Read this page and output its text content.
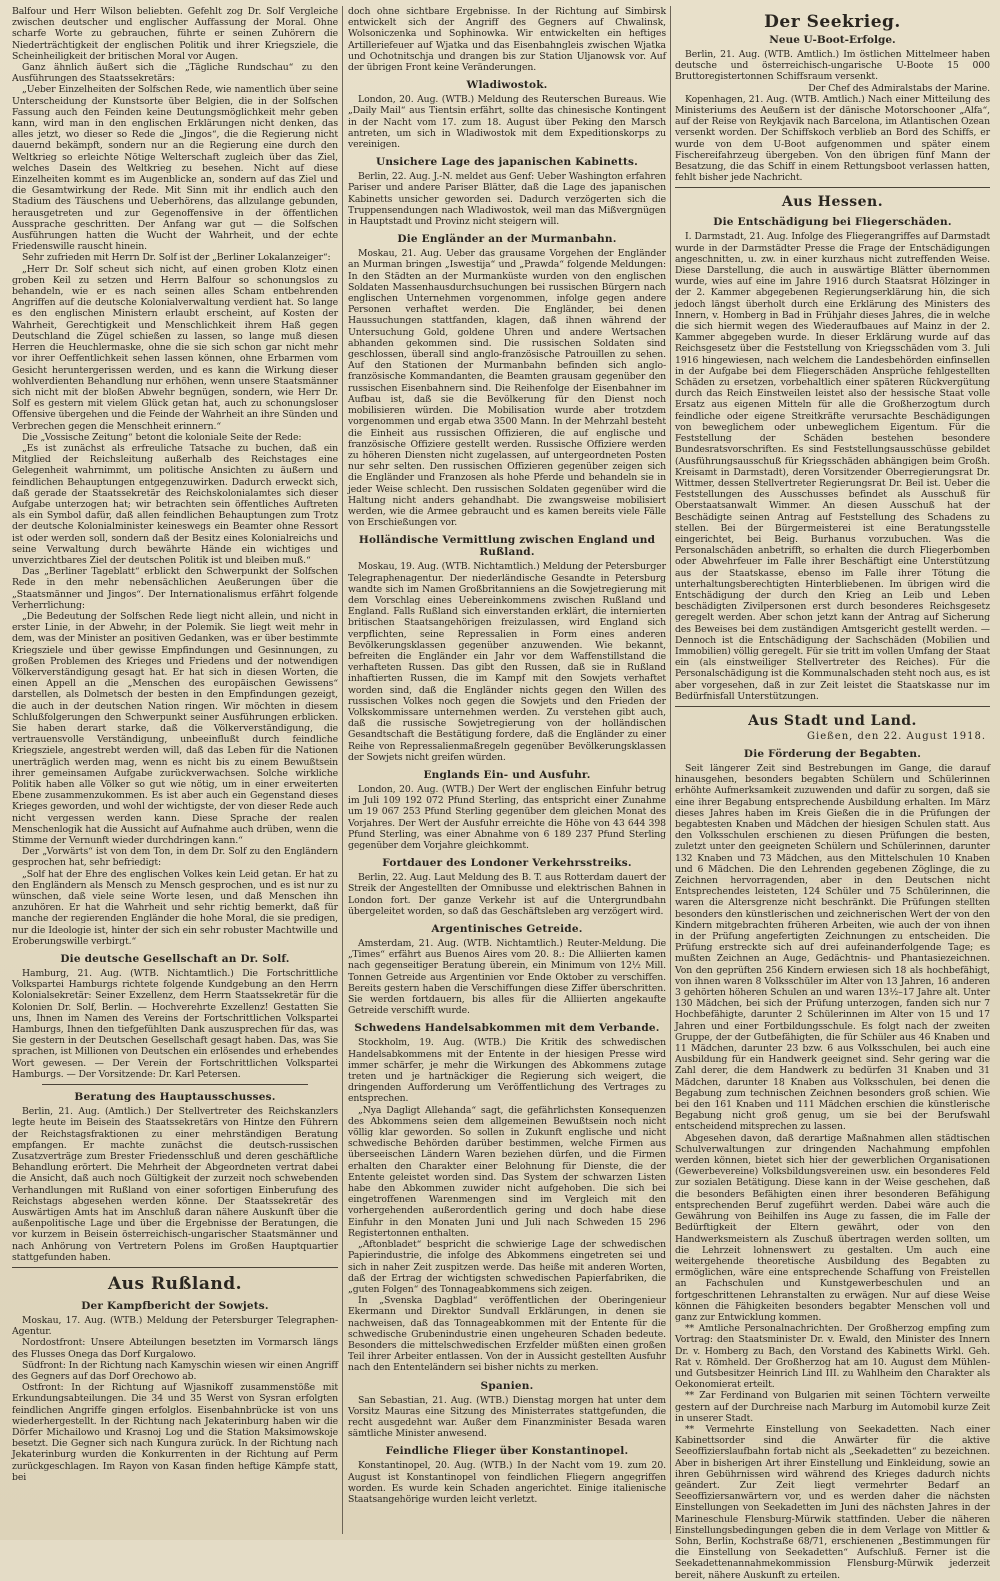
Balfour und Herr Wilson beliebten. Gefehlt zog Dr. Solf Vergleiche zwischen deutscher und englischer Auffassung der Moral. Ohne scharfe Worte zu gebrauchen, führte er seinen Zuhörern die Niederträchtigkeit der englischen Politik und ihrer Kriegsziele, die Scheinheiligkeit der britischen Moral vor Augen.

Ganz ähnlich äußert sich die „Tägliche Rundschau“ zu den Ausführungen des Staatssekretärs:

„Ueber Einzelheiten der Solfschen Rede, wie namentlich über seine Unterscheidung der Kunstsorte über Belgien, die in der Solfschen Fassung auch den Feinden keine Deutungsmöglichkeit mehr geben kann, wird man in den englischen Erklärungen nicht denken, das alles jetzt, wo dieser so Rede die „Jingos“, die die Regierung nicht dauernd bekämpft, sondern nur an die Regierung eine durch den Weltkrieg so erleichte Nötige Welterschaft zugleich über das Ziel, welches Dasein des Weltkrieg zu besehen. Nicht auf diese Einzelheiten kommt es im Augenblicke an, sondern auf das Ziel und die Gesamtwirkung der Rede. Mit Sinn mit ihr endlich auch den Stadium des Täuschens und Ueberhörens, das allzulange gebunden, herausgetreten und zur Gegenoffensive in der öffentlichen Aussprache geschritten. Der Anfang war gut — die Solfschen Ausführungen hatten die Wucht der Wahrheit, und der echte Friedenswille rauscht hinein.

Sehr zufrieden mit Herrn Dr. Solf ist der „Berliner Lokalanzeiger“:

„Herr Dr. Solf scheut sich nicht, auf einen groben Klotz einen groben Keil zu setzen und Herrn Balfour so schonungslos zu behandeln, wie er es nach seinen alles Scham entbehrenden Angriffen auf die deutsche Kolonialverwaltung verdient hat. So lange es den englischen Ministern erlaubt erscheint, auf Kosten der Wahrheit, Gerechtigkeit und Menschlichkeit ihrem Haß gegen Deutschland die Zügel schießen zu lassen, so lange muß diesen Herren die Heuchlermaske, ohne die sie sich schon gar nicht mehr vor ihrer Oeffentlichkeit sehen lassen können, ohne Erbarmen vom Gesicht heruntergerissen werden, und es kann die Wirkung dieser wohlverdienten Behandlung nur erhöhen, wenn unsere Staatsmänner sich nicht mit der bloßen Abwehr begnügen, sondern, wie Herr Dr. Solf es gestern mit vielem Glück getan hat, auch zu schonungsloser Offensive übergehen und die Feinde der Wahrheit an ihre Sünden und Verbrechen gegen die Menschheit erinnern.“

Die „Vossische Zeitung“ betont die koloniale Seite der Rede:

„Es ist zunächst als erfreuliche Tatsache zu buchen, daß ein Mitglied der Reichsleitung außerhalb des Reichstages eine Gelegenheit wahrnimmt, um politische Ansichten zu äußern und feindlichen Behauptungen entgegenzuwirken. Dadurch erweckt sich, daß gerade der Staatssekretär des Reichskolonialamtes sich dieser Aufgabe unterzogen hat; wir betrachten sein öffentliches Auftreten als ein Symbol dafür, daß allen feindlichen Behauptungen zum Trotz der deutsche Kolonialminister keineswegs ein Beamter ohne Ressort ist oder werden soll, sondern daß der Besitz eines Kolonialreichs und seine Verwaltung durch bewährte Hände ein wichtiges und unverzichtbares Ziel der deutschen Politik ist und bleiben muß.“

Das „Berliner Tageblatt“ erblickt den Schwerpunkt der Solfschen Rede in den mehr nebensächlichen Aeußerungen über die „Staatsmänner und Jingos“. Der Internationalismus erfährt folgende Verherrlichung:

„Die Bedeutung der Solfschen Rede liegt nicht allein, und nicht in erster Linie, in der Abwehr, in der Polemik. Sie liegt weit mehr in dem, was der Minister an positiven Gedanken, was er über bestimmte Kriegsziele und über gewisse Empfindungen und Gesinnungen, zu großen Problemen des Krieges und Friedens und der notwendigen Völkerverständigung gesagt hat. Er hat sich in diesen Worten, die einen Appell an die „Menschen des europäischen Gewissens“ darstellen, als Dolmetsch der besten in den Empfindungen gezeigt, die auch in der deutschen Nation ringen. Wir möchten in diesem Schlußfolgerungen den Schwerpunkt seiner Ausführungen erblicken. Sie haben derart starke, daß die Völkerverständigung, die vertrauensvolle Verständigung, unbeeinflußt durch feindliche Kriegsziele, angestrebt werden will, daß das Leben für die Nationen unerträglich werden mag, wenn es nicht bis zu einem Bewußtsein ihrer gemeinsamen Aufgabe zurückverwachsen. Solche wirkliche Politik haben alle Völker so gut wie nötig, um in einer erweiterten Ebene zusammenzukommen. Es ist aber auch ein Gegenstand dieses Krieges geworden, und wohl der wichtigste, der von dieser Rede auch nicht vergessen werden kann. Diese Sprache der realen Menschenlogik hat die Aussicht auf Aufnahme auch drüben, wenn die Stimme der Vernunft wieder durchdringen kann.“

Der „Vorwärts“ ist von dem Ton, in dem Dr. Solf zu den Engländern gesprochen hat, sehr befriedigt:

„Solf hat der Ehre des englischen Volkes kein Leid getan. Er hat zu den Engländern als Mensch zu Mensch gesprochen, und es ist nur zu wünschen, daß viele seine Worte lesen, und daß Menschen ihn anzuhören. Er hat die Wahrheit und sehr richtig bemerkt, daß für manche der regierenden Engländer die hohe Moral, die sie predigen, nur die Ideologie ist, hinter der sich ein sehr robuster Machtwille und Eroberungswille verbirgt.“

Die deutsche Gesellschaft an Dr. Solf.

Hamburg, 21. Aug. (WTB. Nichtamtlich.) Die Fortschrittliche Volkspartei Hamburgs richtete folgende Kundgebung an den Herrn Kolonialsekretär: Seiner Exzellenz, dem Herrn Staatssekretär für die Kolonien Dr. Solf, Berlin. — Hochverehrte Exzellenz! Gestatten Sie uns, Ihnen im Namen des Vereins der Fortschrittlichen Volkspartei Hamburgs, Ihnen den tiefgefühlten Dank auszusprechen für das, was Sie gestern in der Deutschen Gesellschaft gesagt haben. Das, was Sie sprachen, ist Millionen von Deutschen ein erlösendes und erhebendes Wort gewesen. — Der Verein der Fortschrittlichen Volkspartei Hamburgs. — Der Vorsitzende: Dr. Karl Petersen.

Beratung des Hauptausschusses.

Berlin, 21. Aug. (Amtlich.) Der Stellvertreter des Reichskanzlers legte heute im Beisein des Staatssekretärs von Hintze den Führern der Reichstagsfraktionen zu einer mehrständigen Beratung empfangen. Er machte zunächst die deutsch-russischen Zusatzverträge zum Brester Friedensschluß und deren geschäftliche Behandlung erörtert. Die Mehrheit der Abgeordneten vertrat dabei die Ansicht, daß auch noch Gültigkeit der zurzeit noch schwebenden Verhandlungen mit Rußland von einer sofortigen Einberufung des Reichstags abgesehen werden könne. Der Staatssekretär des Auswärtigen Amts hat im Anschluß daran nähere Auskunft über die außenpolitische Lage und über die Ergebnisse der Beratungen, die vor kurzem in Beisein österreichisch-ungarischer Staatsmänner und nach Anhörung von Vertretern Polens im Großen Hauptquartier stattgefunden haben.

Aus Rußland.
Der Kampfbericht der Sowjets.

Moskau, 17. Aug. (WTB.) Meldung der Petersburger Telegraphen-Agentur.

Nordostfront: Unsere Abteilungen besetzten im Vormarsch längs des Flusses Onega das Dorf Kurgalowo.

Südfront: In der Richtung nach Kamyschin wiesen wir einen Angriff des Gegners auf das Dorf Orechowo ab.

Ostfront: In der Richtung auf Wjasnikoff zusammenstöße mit Erkundungsabteilungen. Die 34 und 35 Werst von Sysran erfolgten feindlichen Angriffe gingen erfolglos. Eisenbahnbrücke ist von uns wiederhergestellt. In der Richtung nach Jekaterinburg haben wir die Dörfer Michailowo und Krasnoj Log und die Station Maksimowskoje besetzt. Die Gegner sich nach Kungura zurück. In der Richtung nach Jekaterinburg wurden die Konkurrenten in der Richtung auf Perm zurückgeschlagen. Im Rayon von Kasan finden heftige Kämpfe statt, bei

doch ohne sichtbare Ergebnisse. In der Richtung auf Simbirsk entwickelt sich der Angriff des Gegners auf Chwalinsk, Wolsoniczenka und Sophinowka. Wir entwickelten ein heftiges Artilleriefeuer auf Wjatka und das Eisenbahngleis zwischen Wjatka und Ochotnitschja und drangen bis zur Station Uljanowsk vor. Auf der übrigen Front keine Veränderungen.

Wladiwostok.

London, 20. Aug. (WTB.) Meldung des Reuterschen Bureaus. Wie „Daily Mail“ aus Tientsin erfährt, sollte das chinesische Kontingent in der Nacht vom 17. zum 18. August über Peking den Marsch antreten, um sich in Wladiwostok mit dem Expeditionskorps zu vereinigen.

Unsichere Lage des japanischen Kabinetts.

Berlin, 22. Aug. J.-N. meldet aus Genf: Ueber Washington erfahren Pariser und andere Pariser Blätter, daß die Lage des japanischen Kabinetts unsicher geworden sei. Dadurch verzögerten sich die Truppensendungen nach Wladiwostok, weil man das Mißvergnügen in Hauptstadt und Provinz nicht steigern will.

Die Engländer an der Murmanbahn.

Moskau, 21. Aug. Ueber das grausame Vorgehen der Engländer an Murman bringen „Iswestija“ und „Prawda“ folgende Meldungen: In den Städten an der Murmanküste wurden von den englischen Soldaten Massenhausdurchsuchungen bei russischen Bürgern nach englischen Unternehmen vorgenommen, infolge gegen andere Personen verhaftet werden. Die Engländer, bei denen Haussuchungen stattfanden, klagen, daß ihnen während der Untersuchung Gold, goldene Uhren und andere Wertsachen abhanden gekommen sind. Die russischen Soldaten sind geschlossen, überall sind anglo-französische Patrouillen zu sehen. Auf den Stationen der Murmanbahn befinden sich anglo-französische Kommandanten, die Beamten grausam gegenüber den russischen Eisenbahnern sind. Die Reihenfolge der Eisenbahner im Aufbau ist, daß sie die Bevölkerung für den Dienst noch mobilisieren würden. Die Mobilisation wurde aber trotzdem vorgenommen und ergab etwa 3500 Mann. In der Mehrzahl besteht die Einheit aus russischen Offizieren, die auf englische und französische Offiziere gestellt werden. Russische Offiziere werden zu höheren Diensten nicht zugelassen, auf untergeordneten Posten nur sehr selten. Den russischen Offizieren gegenüber zeigen sich die Engländer und Franzosen als hohe Pferde und behandeln sie in jeder Weise schlecht. Den russischen Soldaten gegenüber wird die Haltung nicht anders gehandhabt. Die zwangsweise mobilisiert werden, wie die Armee gebraucht und es kamen bereits viele Fälle von Erschießungen vor.

Holländische Vermittlung zwischen England und Rußland.

Moskau, 19. Aug. (WTB. Nichtamtlich.) Meldung der Petersburger Telegraphenagentur. Der niederländische Gesandte in Petersburg wandte sich im Namen Großbritanniens an die Sowjetregierung mit dem Vorschlag eines Uebereinkommens zwischen Rußland und England. Falls Rußland sich einverstanden erklärt, die internierten britischen Staatsangehörigen freizulassen, wird England sich verpflichten, seine Repressalien in Form eines anderen Bevölkerungsklassen gegenüber anzuwenden. Wie bekannt, befreiten die Engländer ein Jahr vor dem Waffenstillstand die verhafteten Russen. Das gibt den Russen, daß sie in Rußland inhaftierten Russen, die im Kampf mit den Sowjets verhaftet worden sind, daß die Engländer nichts gegen den Willen des russischen Volkes noch gegen die Sowjets und den Frieden der Volkskommissare unternehmen werden. Zu verstehen gibt auch, daß die russische Sowjetregierung von der holländischen Gesandtschaft die Bestätigung fordere, daß die Engländer zu einer Reihe von Repressalienmaßregeln gegenüber Bevölkerungsklassen der Sowjets nicht greifen würden.

Englands Ein- und Ausfuhr.

London, 20. Aug. (WTB.) Der Wert der englischen Einfuhr betrug im Juli 109 192 072 Pfund Sterling, das entspricht einer Zunahme um 19 067 253 Pfund Sterling gegenüber dem gleichen Monat des Vorjahres. Der Wert der Ausfuhr erreichte die Höhe von 43 644 398 Pfund Sterling, was einer Abnahme von 6 189 237 Pfund Sterling gegenüber dem Vorjahre gleichkommt.

Fortdauer des Londoner Verkehrsstreiks.

Berlin, 22. Aug. Laut Meldung des B. T. aus Rotterdam dauert der Streik der Angestellten der Omnibusse und elektrischen Bahnen in London fort. Der ganze Verkehr ist auf die Untergrundbahn übergeleitet worden, so daß das Geschäftsleben arg verzögert wird.

Argentinisches Getreide.

Amsterdam, 21. Aug. (WTB. Nichtamtlich.) Reuter-Meldung. Die „Times“ erfährt aus Buenos Aires vom 20. 8.: Die Alliierten kamen nach gegenseitiger Beratung überein, ein Minimum von 12½ Mill. Tonnen Getreide aus Argentinien vor Ende Oktober zu verschiffen. Bereits gestern haben die Verschiffungen diese Ziffer überschritten. Sie werden fortdauern, bis alles für die Alliierten angekaufte Getreide verschifft wurde.

Schwedens Handelsabkommen mit dem Verbande.

Stockholm, 19. Aug. (WTB.) Die Kritik des schwedischen Handelsabkommens mit der Entente in der hiesigen Presse wird immer schärfer, je mehr die Wirkungen des Abkommens zutage treten und je hartnäckiger die Regierung sich weigert, die dringenden Aufforderung um Veröffentlichung des Vertrages zu entsprechen.

„Nya Dagligt Allehanda“ sagt, die gefährlichsten Konsequenzen des Abkommens seien dem allgemeinen Bewußtsein noch nicht völlig klar geworden. So sollen in Zukunft englische und nicht schwedische Behörden darüber bestimmen, welche Firmen aus überseeischen Ländern Waren beziehen dürfen, und die Firmen erhalten den Charakter einer Belohnung für Dienste, die der Entente geleistet worden sind. Das System der schwarzen Listen habe den Abkommen zuwider nicht aufgehoben. Die sich bei eingetroffenen Warenmengen sind im Vergleich mit den vorhergehenden außerordentlich gering und doch habe diese Einfuhr in den Monaten Juni und Juli nach Schweden 15 296 Registertonnen enthalten.

„Aftonbladet“ bespricht die schwierige Lage der schwedischen Papierindustrie, die infolge des Abkommens eingetreten sei und sich in naher Zeit zuspitzen werde. Das heiße mit anderen Worten, daß der Ertrag der wichtigsten schwedischen Papierfabriken, die „guten Folgen“ des Tonnageabkommens sich zeigen.

In „Svenska Dagblad“ veröffentlichen der Oberingenieur Ekermann und Direktor Sundvall Erklärungen, in denen sie nachweisen, daß das Tonnageabkommen mit der Entente für die schwedische Grubenindustrie einen ungeheuren Schaden bedeute. Besonders die mittelschwedischen Erzfelder müßten einen großen Teil ihrer Arbeiter entlassen. Von der in Aussicht gestellten Ausfuhr nach den Ententeländern sei bisher nichts zu merken.

Spanien.

San Sebastian, 21. Aug. (WTB.) Dienstag morgen hat unter dem Vorsitz Mauras eine Sitzung des Ministerrates stattgefunden, die recht ausgedehnt war. Außer dem Finanzminister Besada waren sämtliche Minister anwesend.

Feindliche Flieger über Konstantinopel.

Konstantinopel, 20. Aug. (WTB.) In der Nacht vom 19. zum 20. August ist Konstantinopel von feindlichen Fliegern angegriffen worden. Es wurde kein Schaden angerichtet. Einige italienische Staatsangehörige wurden leicht verletzt.

Der Seekrieg.
Neue U-Boot-Erfolge.

Berlin, 21. Aug. (WTB. Amtlich.) Im östlichen Mittelmeer haben deutsche und österreichisch-ungarische U-Boote 15 000 Bruttoregistertonnen Schiffsraum versenkt.

Der Chef des Admiralstabs der Marine.

Kopenhagen, 21. Aug. (WTB. Amtlich.) Nach einer Mitteilung des Ministeriums des Aeußern ist der dänische Motorschooner „Alfa“, auf der Reise von Reykjavik nach Barcelona, im Atlantischen Ozean versenkt worden. Der Schiffskoch verblieb an Bord des Schiffs, er wurde von dem U-Boot aufgenommen und später einem Fischereifahrzeug übergeben. Von den übrigen fünf Mann der Besatzung, die das Schiff in einem Rettungsboot verlassen hatten, fehlt bisher jede Nachricht.

Aus Hessen.
Die Entschädigung bei Fliegerschäden.

I. Darmstadt, 21. Aug. Infolge des Fliegerangriffes auf Darmstadt wurde in der Darmstädter Presse die Frage der Entschädigungen angeschnitten, u. zw. in einer kurzhaus nicht zutreffenden Weise. Diese Darstellung, die auch in auswärtige Blätter übernommen wurde, wies auf eine im Jahre 1916 durch Staatsrat Hölzinger in der 2. Kammer abgegebenen Regierungserklärung hin, die sich jedoch längst überholt durch eine Erklärung des Ministers des Innern, v. Homberg in Bad in Frühjahr dieses Jahres, die in welche die sich hiermit wegen des Wiederaufbaues auf Mainz in der 2. Kammer abgegeben wurde. In dieser Erklärung wurde auf das Reichsgesetz über die Feststellung von Kriegsschäden vom 3. Juli 1916 hingewiesen, nach welchem die Landesbehörden einfinsellen in der Aufgabe bei dem Fliegerschäden Ansprüche fehlgestellten Schäden zu ersetzen, vorbehaltlich einer späteren Rückvergütung durch das Reich Einstweilen leistet also der hessische Staat volle Ersatz aus eigenen Mitteln für alle die Großherzogtum durch feindliche oder eigene Streitkräfte verursachte Beschädigungen von beweglichem oder unbeweglichem Eigentum. Für die Feststellung der Schäden bestehen besondere Bundesratsvorschriften. Es sind Feststellungsausschüsse gebildet (Ausführungsausschuß für Kriegsschäden abhängigen beim Großh. Kreisamt in Darmstadt), deren Vorsitzender Oberregierungsrat Dr. Wittmer, dessen Stellvertreter Regierungsrat Dr. Beil ist. Ueber die Feststellungen des Ausschusses befindet als Ausschuß für Oberstaatsanwalt Wimmer. An diesen Ausschuß hat der Beschädigte seinen Antrag auf Feststellung des Schadens zu stellen. Bei der Bürgermeisterei ist eine Beratungsstelle eingerichtet, bei Beig. Burhanus vorzubuchen. Was die Personalschäden anbetrifft, so erhalten die durch Fliegerbomben oder Abwehrfeuer im Falle ihrer Beschäftigt eine Unterstützung aus der Staatskasse, ebenso im Falle ihrer Tötung die unterhaltungsberechtigten Hinterbliebenen. Im übrigen wird die Entschädigung der durch den Krieg an Leib und Leben beschädigten Zivilpersonen erst durch besonderes Reichsgesetz geregelt werden. Aber schon jetzt kann der Antrag auf Sicherung des Beweises bei dem zuständigen Amtsgericht gestellt werden. — Dennoch ist die Entschädigung der Sachschäden (Mobilien und Immobilien) völlig geregelt. Für sie tritt im vollen Umfang der Staat ein (als einstweiliger Stellvertreter des Reiches). Für die Personalschädigung ist die Kommunalschaden steht noch aus, es ist aber vorgesehen, daß in zur Zeit leistet die Staatskasse nur im Bedürfnisfall Unterstützungen.

Aus Stadt und Land.
Gießen, den 22. August 1918.
Die Förderung der Begabten.

Seit längerer Zeit sind Bestrebungen im Gange, die darauf hinausgehen, besonders begabten Schülern und Schülerinnen erhöhte Aufmerksamkeit zuzuwenden und dafür zu sorgen, daß sie eine ihrer Begabung entsprechende Ausbildung erhalten. Im März dieses Jahres haben im Kreis Gießen die in die Prüfungen der begabtesten Knaben und Mädchen der hiesigen Schulen statt. Aus den Volksschulen erschienen zu diesen Prüfungen die besten, zuletzt unter den geeigneten Schülern und Schülerinnen, darunter 132 Knaben und 73 Mädchen, aus den Mittelschulen 10 Knaben und 6 Mädchen. Die den Lehrenden gegebenen Zöglinge, die zu Zeichnen hervorragenden, aber in den Deutschen nicht Entsprechendes leisteten, 124 Schüler und 75 Schülerinnen, die waren die Altersgrenze nicht beschränkt. Die Prüfungen stellten besonders den künstlerischen und zeichnerischen Wert der von den Kindern mitgebrachten früheren Arbeiten, wie auch der von ihnen in der Prüfung angefertigten Zeichnungen zu entscheiden. Die Prüfung erstreckte sich auf drei aufeinanderfolgende Tage; es mußten Zeichnen an Auge, Gedächtnis- und Phantasiezeichnen. Von den geprüften 256 Kindern erwiesen sich 18 als hochbefähigt, von ihnen waren 8 Volksschüler im Alter von 13 Jahren, 16 anderen 3 gehörten höheren Schulen an und waren 13½–17 Jahre alt. Unter 130 Mädchen, bei sich der Prüfung unterzogen, fanden sich nur 7 Hochbefähigte, darunter 2 Schülerinnen im Alter von 15 und 17 Jahren und einer Fortbildungsschule. Es folgt nach der zweiten Gruppe, der der Gutbefähigten, die für Schüler aus 46 Knaben und 11 Mädchen, darunter 23 bzw. 6 aus Volksschulen, bei auch eine Ausbildung für ein Handwerk geeignet sind. Sehr gering war die Zahl derer, die dem Handwerk zu bedürfen 31 Knaben und 31 Mädchen, darunter 18 Knaben aus Volksschulen, bei denen die Begabung zum technischen Zeichnen besonders groß schien. Wie bei den 161 Knaben und 111 Mädchen erschien die künstlerische Begabung nicht groß genug, um sie bei der Berufswahl entscheidend mitsprechen zu lassen.

Abgesehen davon, daß derartige Maßnahmen allen städtischen Schulverwaltungen zur dringenden Nachahmung empfohlen werden können, bietet sich hier der gewerblichen Organisationen (Gewerbevereine) Volksbildungsvereinen usw. ein besonderes Feld zur sozialen Betätigung. Diese kann in der Weise geschehen, daß die besonders Befähigten einen ihrer besonderen Befähigung entsprechenden Beruf zugeführt werden. Dabei wäre auch die Gewährung von Beihilfen ins Auge zu fassen, die im Falle der Bedürftigkeit der Eltern gewährt, oder von den Handwerksmeistern als Zuschuß übertragen werden sollten, um die Lehrzeit lohnenswert zu gestalten. Um auch eine weitergehende theoretische Ausbildung des Begabten zu ermöglichen, wäre eine entsprechende Schaffung von Freistellen an Fachschulen und Kunstgewerbeschulen und an fortgeschrittenen Lehranstalten zu erwägen. Nur auf diese Weise können die Fähigkeiten besonders begabter Menschen voll und ganz zur Entwicklung kommen.

** Amtliche Personalnachrichten. Der Großherzog empfing zum Vortrag: den Staatsminister Dr. v. Ewald, den Minister des Innern Dr. v. Homberg zu Bach, den Vorstand des Kabinetts Wirkl. Geh. Rat v. Römheld. Der Großherzog hat am 10. August dem Mühlen- und Gutsbesitzer Heinrich Lind III. zu Wahlheim den Charakter als Oekonomierat erteilt.

** Zar Ferdinand von Bulgarien mit seinen Töchtern verweilte gestern auf der Durchreise nach Marburg im Automobil kurze Zeit in unserer Stadt.

** Vermehrte Einstellung von Seekadetten. Nach einer Kabinettsorder sind die Anwärter für die aktive Seeoffizierslaufbahn fortab nicht als „Seekadetten“ zu bezeichnen. Aber in bisherigen Art ihrer Einstellung und Einkleidung, sowie an ihren Gebührnissen wird während des Krieges dadurch nichts geändert. Zur Zeit liegt vermehrter Bedarf an Seeoffiziersanwärtern vor, und es werden daher die nächsten Einstellungen von Seekadetten im Juni des nächsten Jahres in der Marineschule Flensburg-Mürwik stattfinden. Ueber die näheren Einstellungsbedingungen geben die in dem Verlage von Mittler & Sohn, Berlin, Kochstraße 68/71, erschienenen „Bestimmungen für die Einstellung von Seekadetten“ Aufschluß. Ferner ist die Seekadettenannahmekommission Flensburg-Mürwik jederzeit bereit, nähere Auskunft zu erteilen.
